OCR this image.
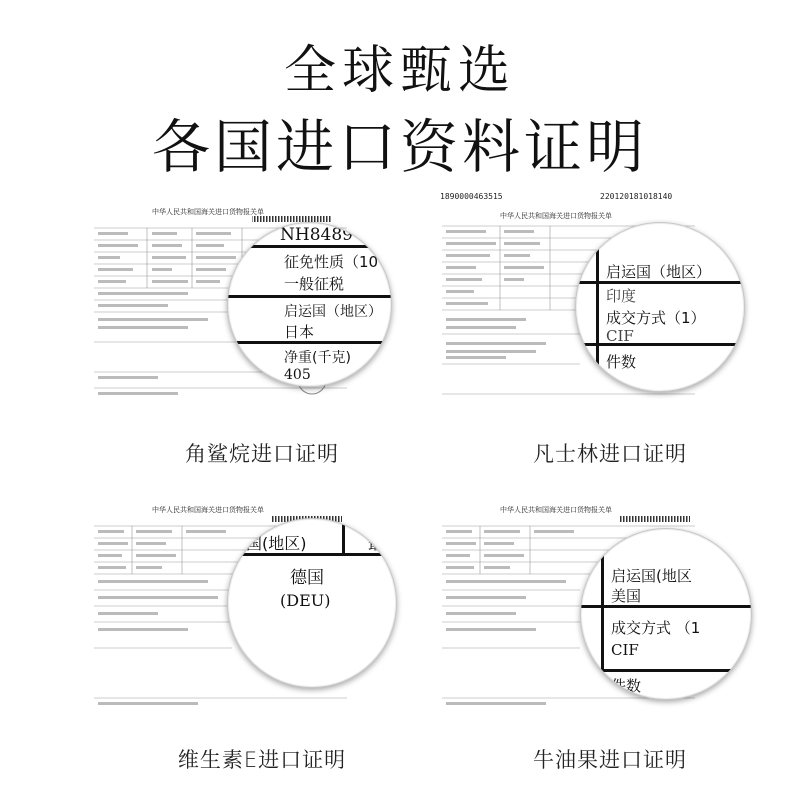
全球甄选
各国进口资料证明
中华人民共和国海关进口货物报关单
NH8489
征免性质（10
一般征税
启运国（地区）
日本
净重(千克)
405
角鲨烷进口证明
1890000463515	220120181018140
中华人民共和国海关进口货物报关单
启运国（地区）
印度
成交方式（1）
CIF
件数
凡士林进口证明
中华人民共和国海关进口货物报关单
国(地区)	最
德国
(DEU)
维生素E进口证明
中华人民共和国海关进口货物报关单
启运国(地区
美国
成交方式 （1
CIF
件数
牛油果进口证明
